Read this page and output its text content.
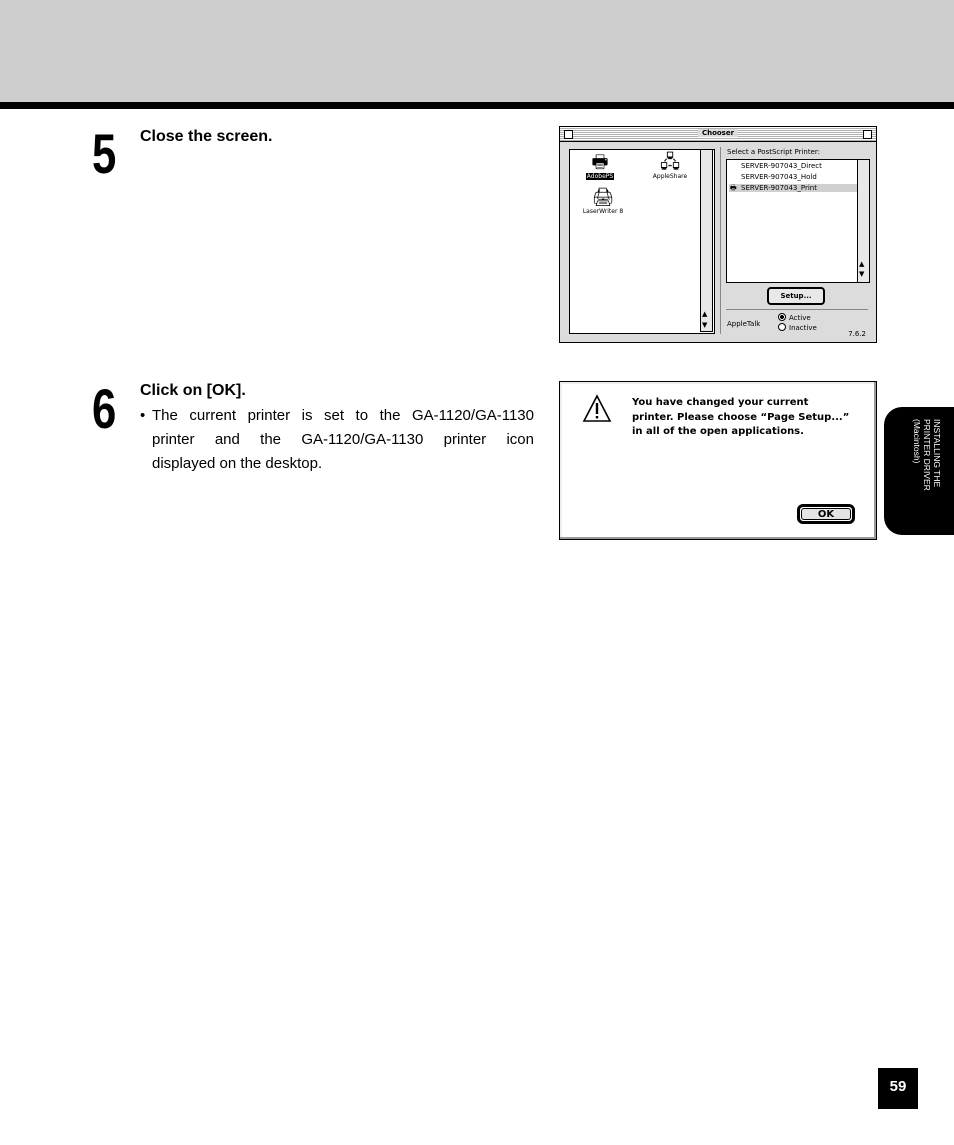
5 Close the screen.	Chooser
▲
▼
🖶
AdobePS
🖧
AppleShare
🖨
LaserWriter 8
Select a PostScript Printer:
SERVER-907043_Direct
SERVER-907043_Hold
🖶 SERVER-907043_Print
▲
▼
Setup...
AppleTalk
Active
Inactive
7.6.2
6 Click on [OK].
• The current printer is set to the GA-1120/GA-1130
printer and the GA-1120/GA-1130 printer icon
displayed on the desktop.
You have changed your current
printer. Please choose “Page Setup...”
in all of the open applications.
OK
INSTALLING THE
PRINTER DRIVER
(Macintosh)
59
